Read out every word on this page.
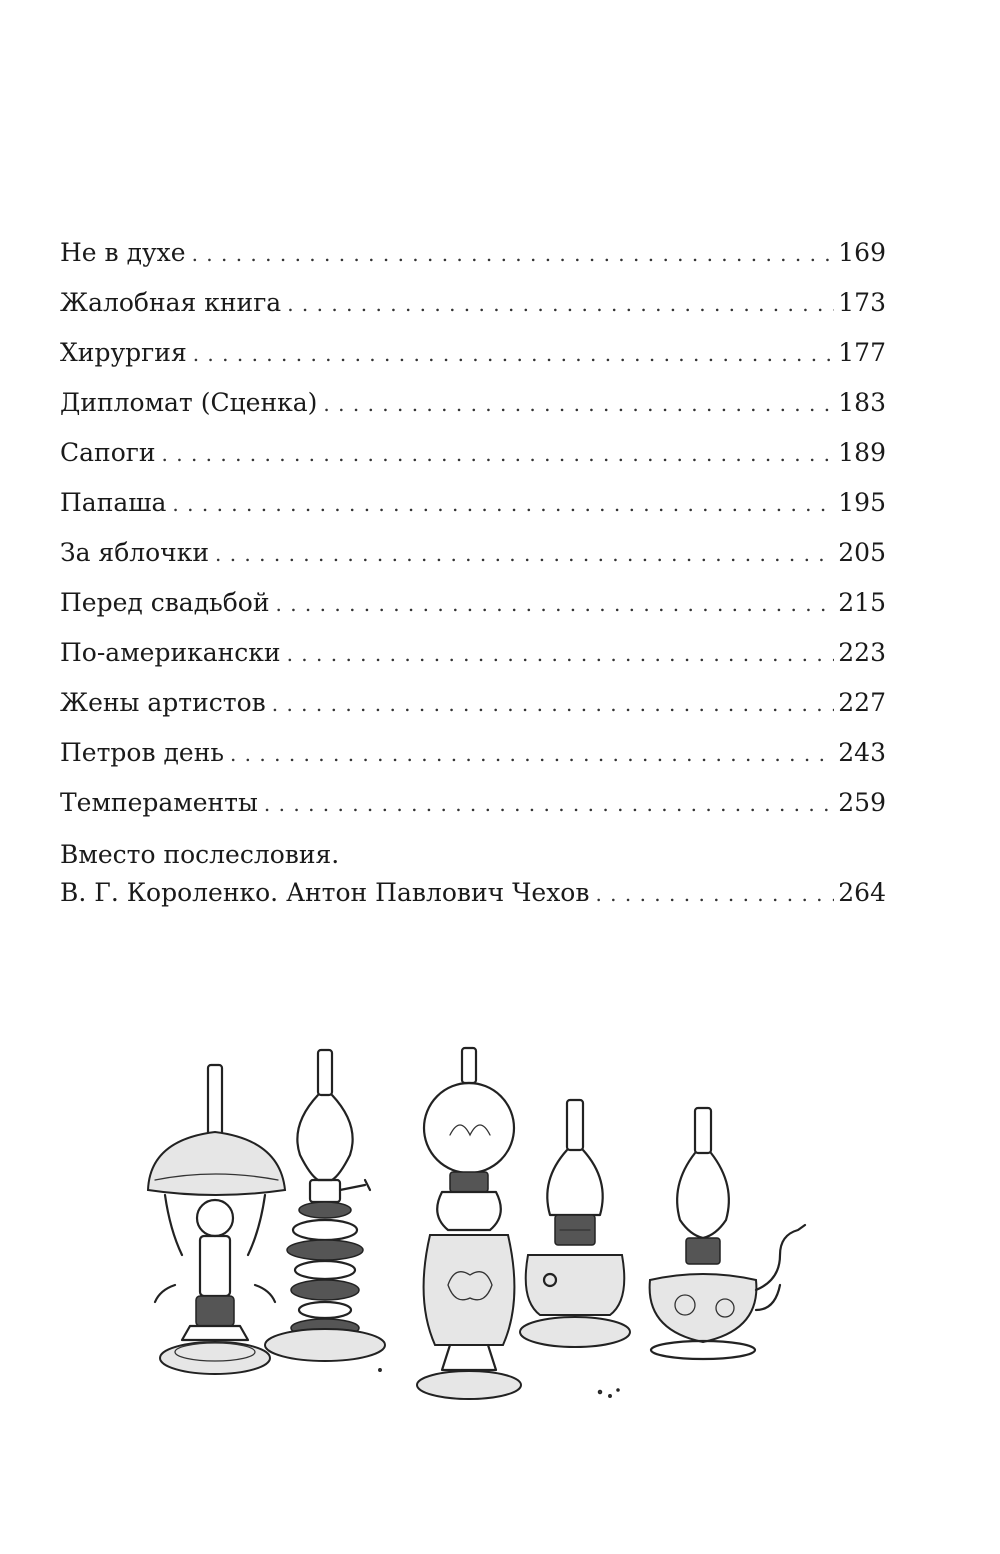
Не в духе . . .	169
Жалобная книга . . .	173
Хирургия . . .	177
Дипломат (Сценка) . . .	183
Сапоги . . .	189
Папаша . . .	195
За яблочки . . .	205
Перед свадьбой . . .	215
По-американски . . .	223
Жены артистов . . .	227
Петров день . . .	243
Темпераменты . . .	259
Вместо послесловия.
В. Г. Короленко. Антон Павлович Чехов . . .	264
